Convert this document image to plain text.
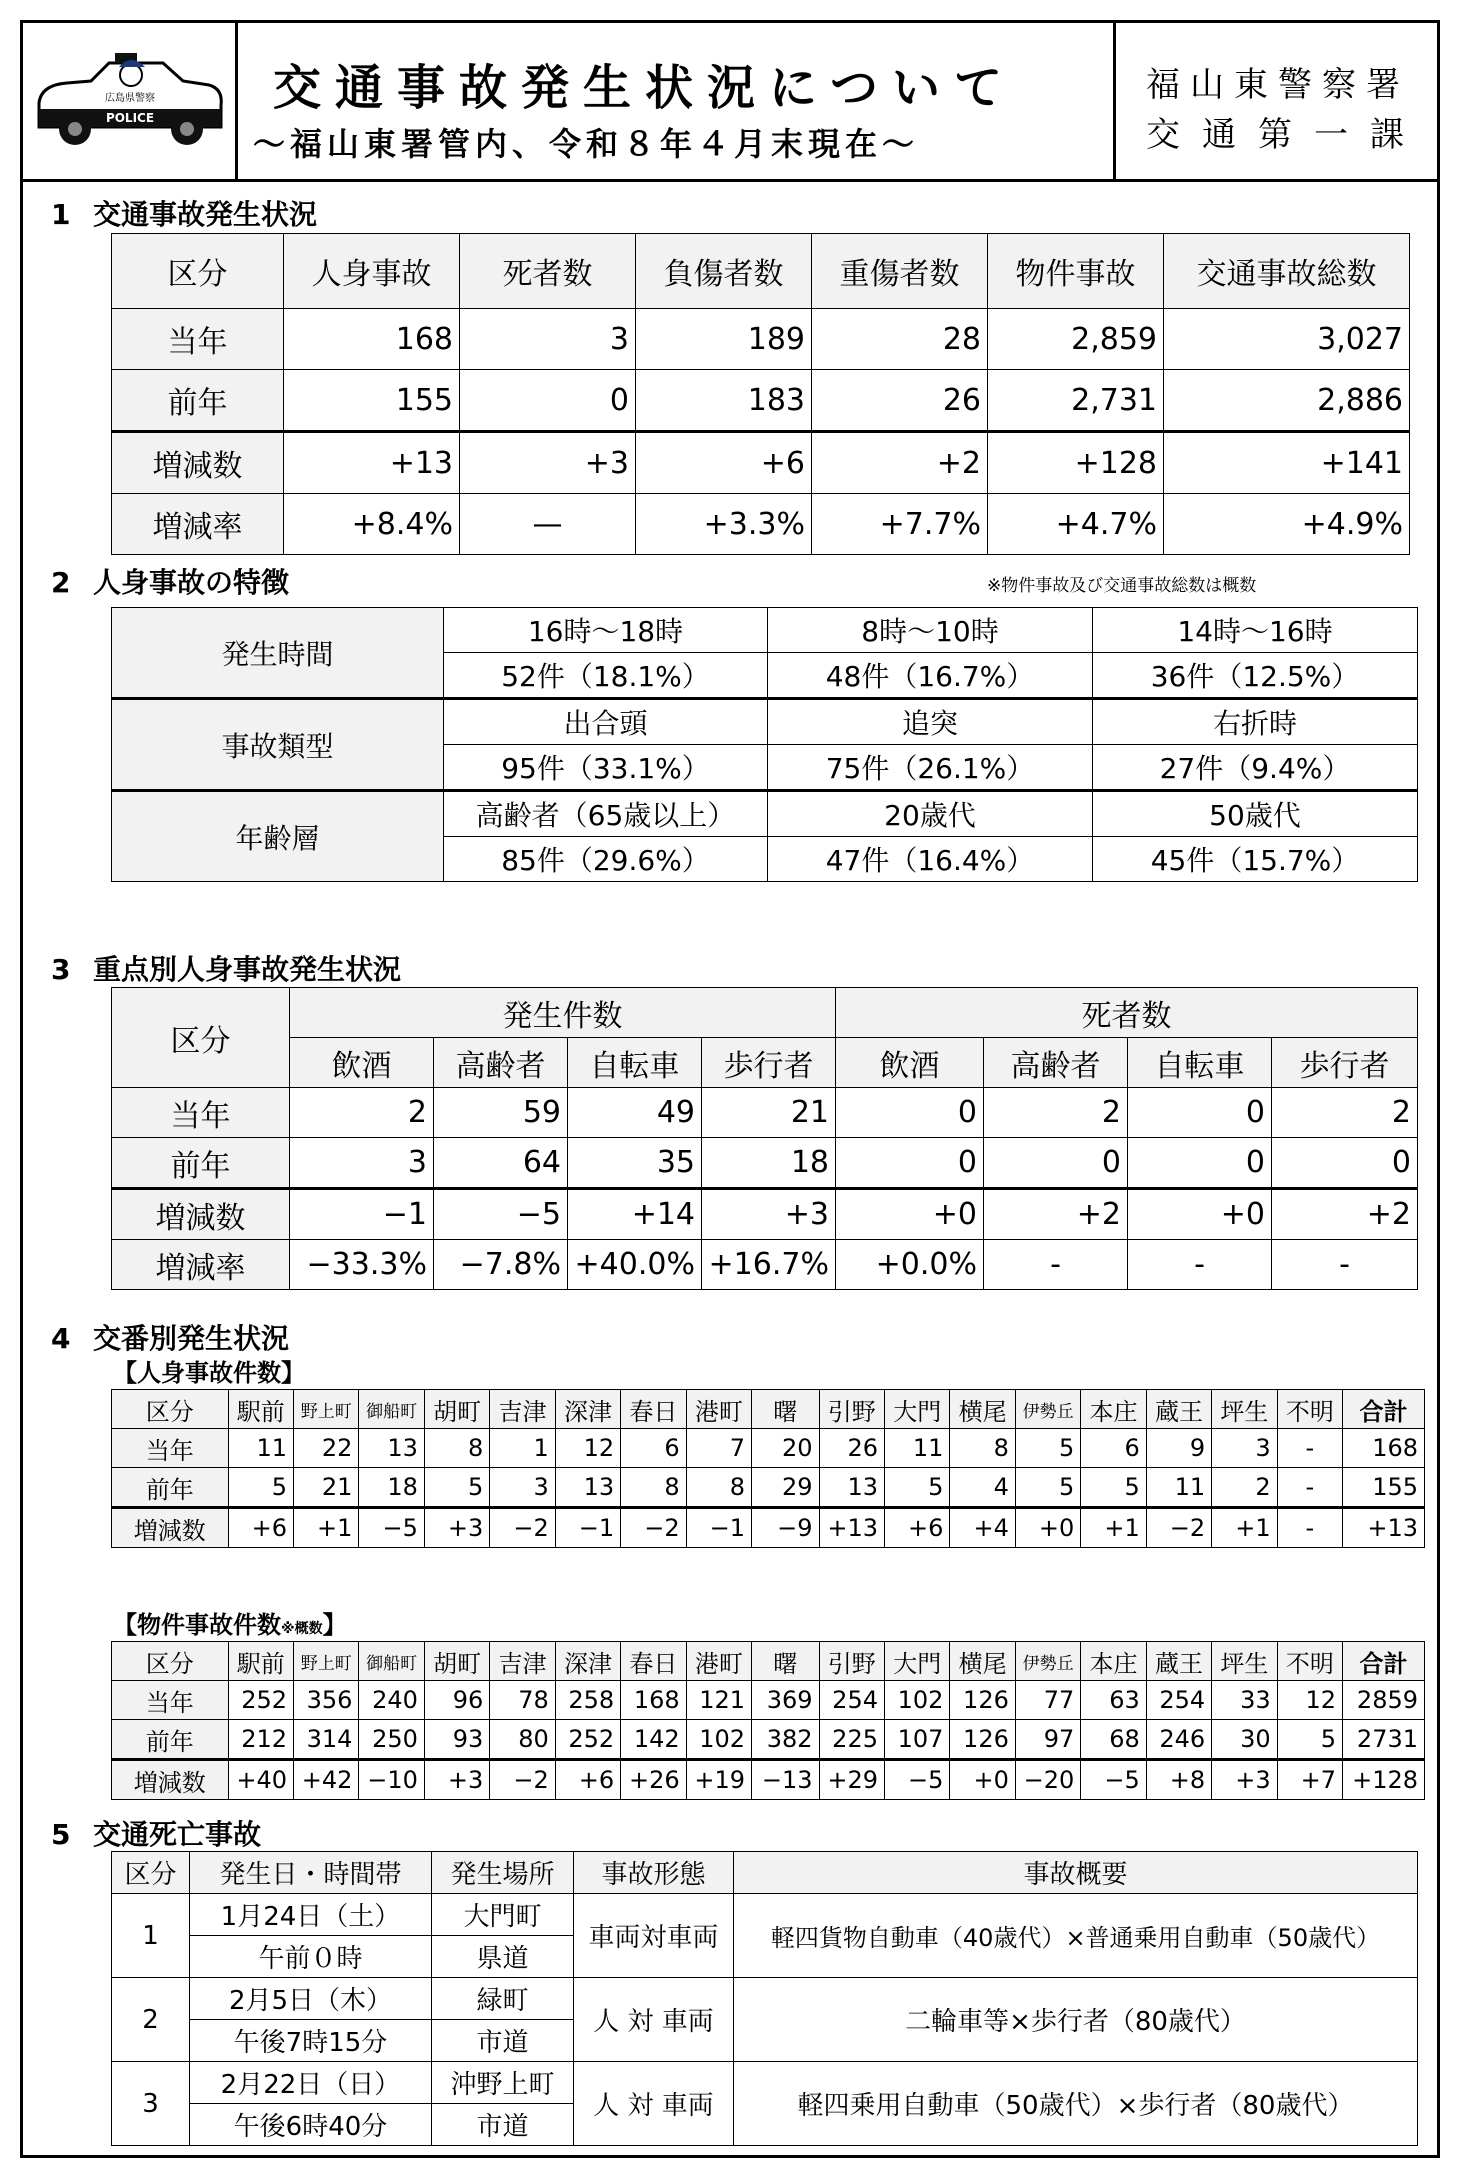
広島県警察
POLICE
交通事故発生状況について
～福山東署管内、令和８年４月末現在～
福山東警察署
交通第一課
1 交通事故発生状況
区分	人身事故	死者数	負傷者数	重傷者数	物件事故	交通事故総数
当年	168	3	189	28	2,859	3,027
前年	155	0	183	26	2,731	2,886
増減数	+13	+3	+6	+2	+128	+141
増減率	+8.4%	—	+3.3%	+7.7%	+4.7%	+4.9%
2 人身事故の特徴	※物件事故及び交通事故総数は概数
発生時間	16時～18時	8時～10時	14時～16時
	52件（18.1%）	48件（16.7%）	36件（12.5%）
事故類型	出合頭	追突	右折時
	95件（33.1%）	75件（26.1%）	27件（9.4%）
年齢層	高齢者（65歳以上）	20歳代	50歳代
	85件（29.6%）	47件（16.4%）	45件（15.7%）
3 重点別人身事故発生状況
区分	発生件数				死者数			
	飲酒	高齢者	自転車	歩行者	飲酒	高齢者	自転車	歩行者
当年	2	59	49	21	0	2	0	2
前年	3	64	35	18	0	0	0	0
増減数	−1	−5	+14	+3	+0	+2	+0	+2
増減率	−33.3%	−7.8%	+40.0%	+16.7%	+0.0%	-	-	-
4 交番別発生状況
【人身事故件数】
区分	駅前	野上町	御船町	胡町	吉津	深津	春日	港町	曙	引野	大門	横尾	伊勢丘	本庄	蔵王	坪生	不明	合計
当年	11	22	13	8	1	12	6	7	20	26	11	8	5	6	9	3	-	168
前年	5	21	18	5	3	13	8	8	29	13	5	4	5	5	11	2	-	155
増減数	+6	+1	−5	+3	−2	−1	−2	−1	−9	+13	+6	+4	+0	+1	−2	+1	-	+13
【物件事故件数※概数】
区分	駅前	野上町	御船町	胡町	吉津	深津	春日	港町	曙	引野	大門	横尾	伊勢丘	本庄	蔵王	坪生	不明	合計
当年	252	356	240	96	78	258	168	121	369	254	102	126	77	63	254	33	12	2859
前年	212	314	250	93	80	252	142	102	382	225	107	126	97	68	246	30	5	2731
増減数	+40	+42	−10	+3	−2	+6	+26	+19	−13	+29	−5	+0	−20	−5	+8	+3	+7	+128
5 交通死亡事故
区分	発生日・時間帯	発生場所	事故形態	事故概要
1	1月24日（土）	大門町	車両対車両	軽四貨物自動車（40歳代）×普通乗用自動車（50歳代）
	午前０時	県道		
2	2月5日（木）	緑町	人 対 車両	二輪車等×歩行者（80歳代）
	午後7時15分	市道		
3	2月22日（日）	沖野上町	人 対 車両	軽四乗用自動車（50歳代）×歩行者（80歳代）
	午後6時40分	市道		
